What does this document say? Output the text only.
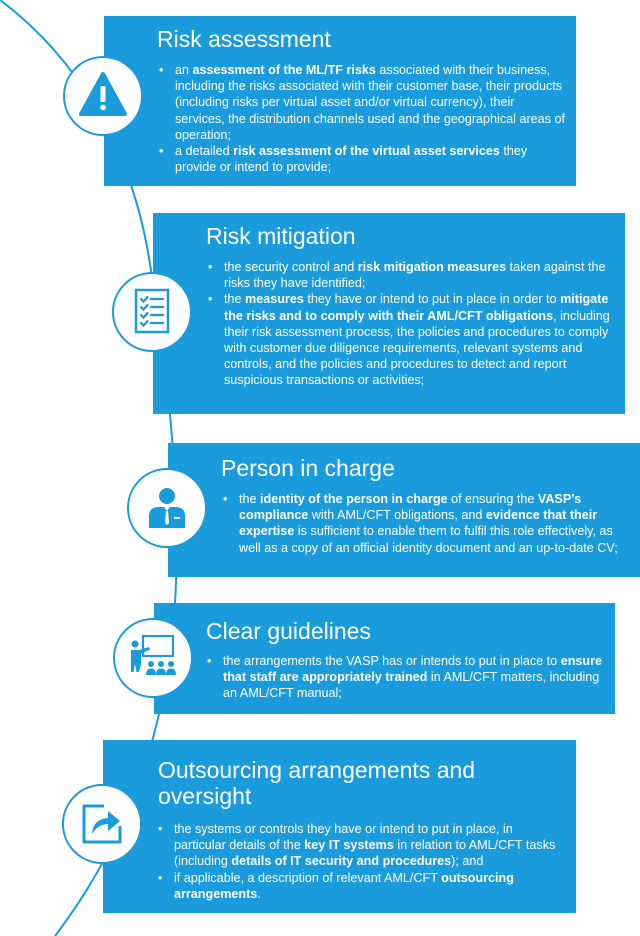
Risk assessment
• an assessment of the ML/TF risks associated with their business, including the risks associated with their customer base, their products (including risks per virtual asset and/or virtual currency), their services, the distribution channels used and the geographical areas of operation;
• a detailed risk assessment of the virtual asset services they provide or intend to provide;
Risk mitigation
• the security control and risk mitigation measures taken against the risks they have identified;
• the measures they have or intend to put in place in order to mitigate the risks and to comply with their AML/CFT obligations, including their risk assessment process, the policies and procedures to comply with customer due diligence requirements, relevant systems and controls, and the policies and procedures to detect and report suspicious transactions or activities;
Person in charge
• the identity of the person in charge of ensuring the VASP’s compliance with AML/CFT obligations, and evidence that their expertise is sufficient to enable them to fulfil this role effectively, as well as a copy of an official identity document and an up-to-date CV;
Clear guidelines
• the arrangements the VASP has or intends to put in place to ensure that staff are appropriately trained in AML/CFT matters, including an AML/CFT manual;
Outsourcing arrangements and oversight
• the systems or controls they have or intend to put in place, in particular details of the key IT systems in relation to AML/CFT tasks (including details of IT security and procedures); and
• if applicable, a description of relevant AML/CFT outsourcing arrangements.
